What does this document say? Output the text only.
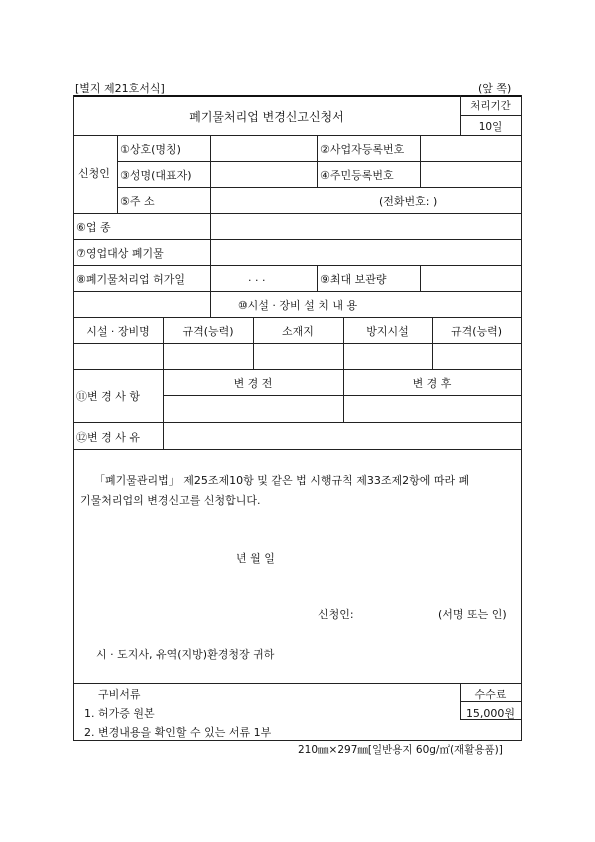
[별지 제21호서식]	(앞 쪽)
폐기물처리업 변경신고신청서
처리기간
10일
신청인
①상호(명칭)	②사업자등록번호
③성명(대표자)	④주민등록번호
⑤주 소	(전화번호: )
⑥업 종
⑦영업대상 폐기물
⑧폐기물처리업 허가일	. . .	⑨최대 보관량
⑩시설 · 장비 설 치 내 용
시설 · 장비명	규격(능력)	소재지	방지시설	규격(능력)
⑪변 경 사 항
변 경 전	변 경 후
⑫변 경 사 유
「폐기물관리법」 제25조제10항 및 같은 법 시행규칙 제33조제2항에 따라 폐
기물처리업의 변경신고를 신청합니다.
년 월 일
신청인:	(서명 또는 인)
시 · 도지사, 유역(지방)환경청장 귀하
구비서류
1. 허가증 원본
2. 변경내용을 확인할 수 있는 서류 1부
수수료
15,000원
210㎜×297㎜[일반용지 60g/㎡(재활용품)]
